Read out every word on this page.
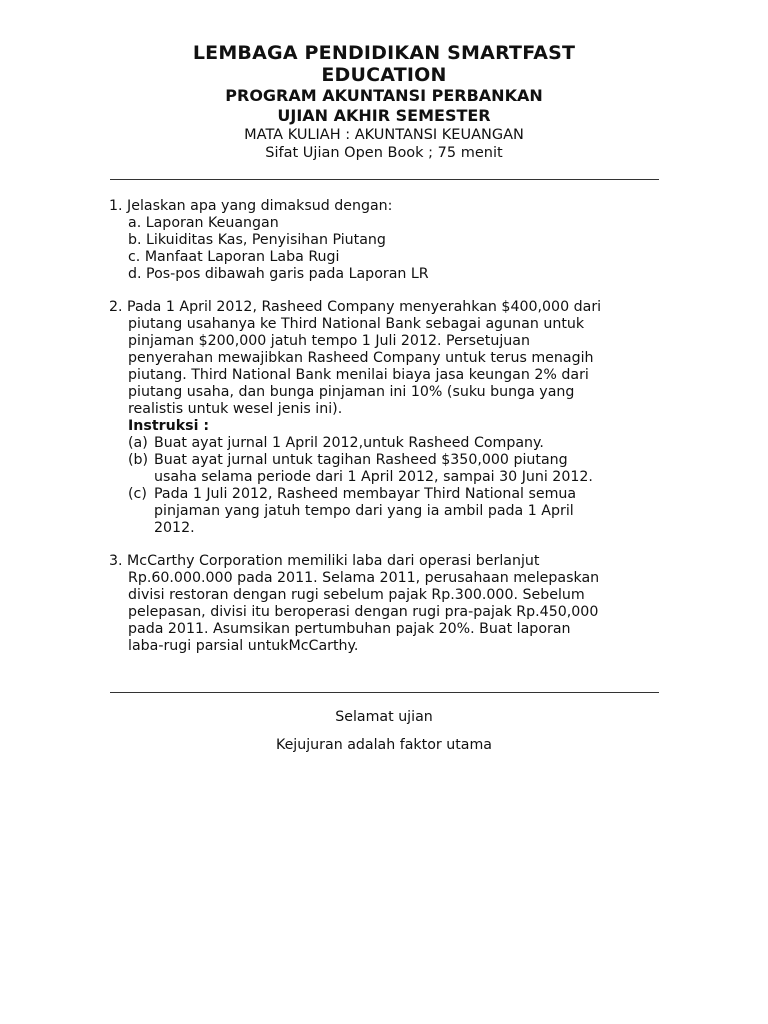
LEMBAGA PENDIDIKAN SMARTFAST

EDUCATION

PROGRAM AKUNTANSI PERBANKAN

UJIAN AKHIR SEMESTER

MATA KULIAH : AKUNTANSI KEUANGAN

Sifat Ujian Open Book ; 75 menit

1. Jelaskan apa yang dimaksud dengan:
a. Laporan Keuangan
b. Likuiditas Kas, Penyisihan Piutang
c. Manfaat Laporan Laba Rugi
d. Pos-pos dibawah garis pada Laporan LR
2. Pada 1 April 2012, Rasheed Company menyerahkan $400,000 dari
piutang usahanya ke Third National Bank sebagai agunan untuk
pinjaman $200,000 jatuh tempo 1 Juli 2012. Persetujuan
penyerahan mewajibkan Rasheed Company untuk terus menagih
piutang. Third National Bank menilai biaya jasa keungan 2% dari
piutang usaha, dan bunga pinjaman ini 10% (suku bunga yang
realistis untuk wesel jenis ini).
Instruksi :
(a) Buat ayat jurnal 1 April 2012,untuk Rasheed Company.
(b) Buat ayat jurnal untuk tagihan Rasheed $350,000 piutang
usaha selama periode dari 1 April 2012, sampai 30 Juni 2012.
(c) Pada 1 Juli 2012, Rasheed membayar Third National semua
pinjaman yang jatuh tempo dari yang ia ambil pada 1 April
2012.
3. McCarthy Corporation memiliki laba dari operasi berlanjut
Rp.60.000.000 pada 2011. Selama 2011, perusahaan melepaskan
divisi restoran dengan rugi sebelum pajak Rp.300.000. Sebelum
pelepasan, divisi itu beroperasi dengan rugi pra-pajak Rp.450,000
pada 2011. Asumsikan pertumbuhan pajak 20%. Buat laporan
laba-rugi parsial untukMcCarthy.

Selamat ujian

Kejujuran adalah faktor utama
